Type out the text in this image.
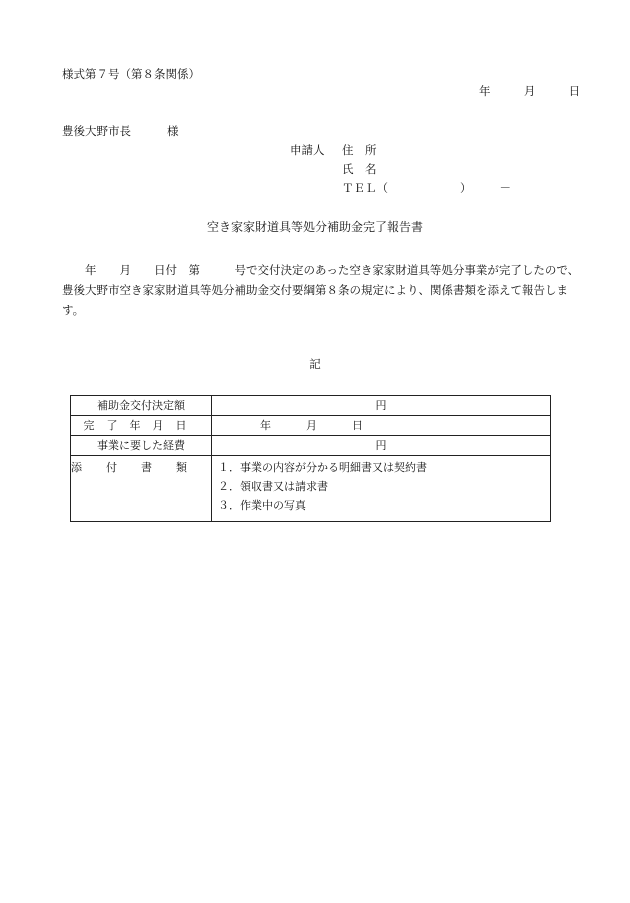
様式第７号（第８条関係）
年	月	日
豊後大野市長	様
申請人 住　所
氏　名
ＴＥＬ（	） －
空き家家財道具等処分補助金完了報告書
　　年　　月　　日付　第　　　号で交付決定のあった空き家家財道具等処分事業が完了したので、豊後大野市空き家家財道具等処分補助金交付要綱第８条の規定により、関係書類を添えて報告します。
記
補助金交付決定額	円
完了年月日	年 月 日
事業に要した経費	円
添付書類	１．事業の内容が分かる明細書又は契約書
２．領収書又は請求書
３．作業中の写真
